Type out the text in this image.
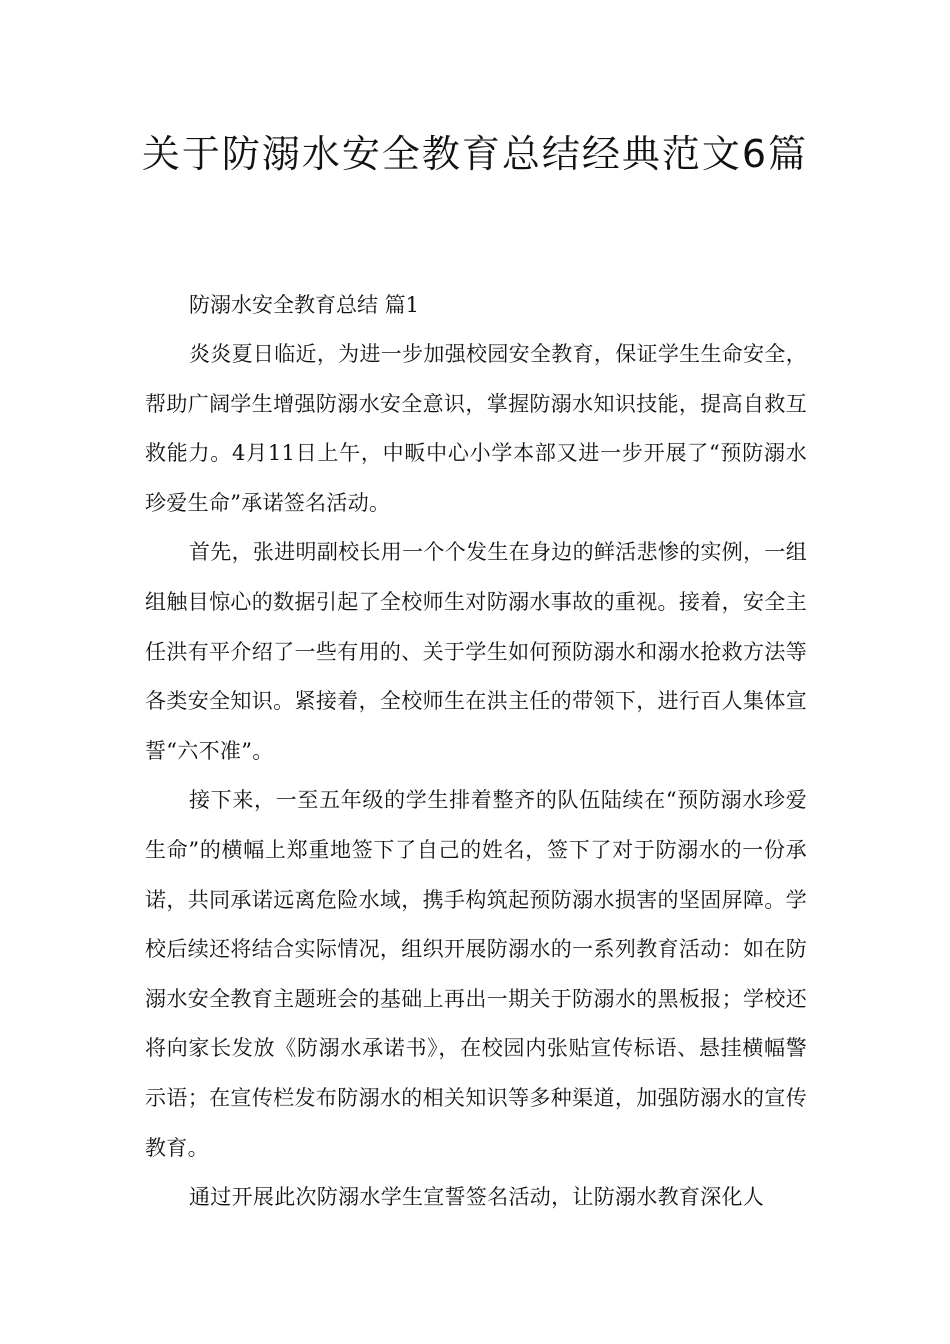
关于防溺水安全教育总结经典范文6篇

防溺水安全教育总结 篇1

炎炎夏日临近，为进一步加强校园安全教育，保证学生生命安全，帮助广阔学生增强防溺水安全意识，掌握防溺水知识技能，提高自救互救能力。4月11日上午，中畈中心小学本部又进一步开展了“预防溺水珍爱生命”承诺签名活动。

首先，张进明副校长用一个个发生在身边的鲜活悲惨的实例，一组组触目惊心的数据引起了全校师生对防溺水事故的重视。接着，安全主任洪有平介绍了一些有用的、关于学生如何预防溺水和溺水抢救方法等各类安全知识。紧接着，全校师生在洪主任的带领下，进行百人集体宣誓“六不准”。

接下来，一至五年级的学生排着整齐的队伍陆续在“预防溺水珍爱生命”的横幅上郑重地签下了自己的姓名，签下了对于防溺水的一份承诺，共同承诺远离危险水域，携手构筑起预防溺水损害的坚固屏障。学校后续还将结合实际情况，组织开展防溺水的一系列教育活动：如在防溺水安全教育主题班会的基础上再出一期关于防溺水的黑板报；学校还将向家长发放《防溺水承诺书》，在校园内张贴宣传标语、悬挂横幅警示语；在宣传栏发布防溺水的相关知识等多种渠道，加强防溺水的宣传教育。

通过开展此次防溺水学生宣誓签名活动，让防溺水教育深化人
